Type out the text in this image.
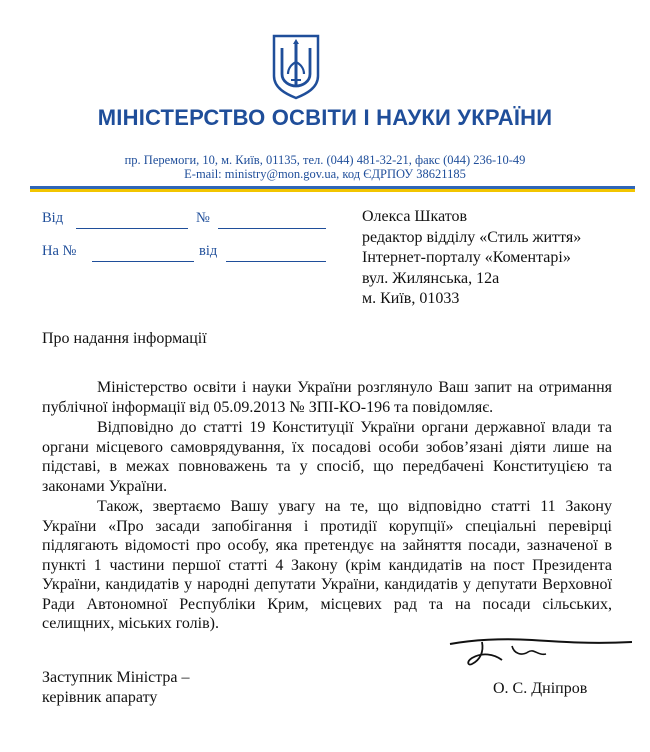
МІНІСТЕРСТВО ОСВІТИ І НАУКИ УКРАЇНИ
пр. Перемоги, 10, м. Київ, 01135, тел. (044) 481-32-21, факс (044) 236-10-49
E-mail: ministry@mon.gov.ua, код ЄДРПОУ 38621185
Від	№
На №	від
Олекса Шкатов
редактор відділу «Стиль життя»
Інтернет-порталу «Коментарі»
вул. Жилянська, 12а
м. Київ, 01033
Про надання інформації
Міністерство освіти і науки України розглянуло Ваш запит на отримання публічної інформації від 05.09.2013 № ЗПІ-КО-196 та повідомляє.
Відповідно до статті 19 Конституції України органи державної влади та органи місцевого самоврядування, їх посадові особи зобов’язані діяти лише на підставі, в межах повноважень та у спосіб, що передбачені Конституцією та законами України.
Також, звертаємо Вашу увагу на те, що відповідно статті 11 Закону України «Про засади запобігання і протидії корупції» спеціальні перевірці підлягають відомості про особу, яка претендує на зайняття посади, зазначеної в пункті 1 частини першої статті 4 Закону (крім кандидатів на пост Президента України, кандидатів у народні депутати України, кандидатів у депутати Верховної Ради Автономної Республіки Крим, місцевих рад та на посади сільських, селищних, міських голів).
Заступник Міністра –
керівник апарату
О. С. Дніпров
